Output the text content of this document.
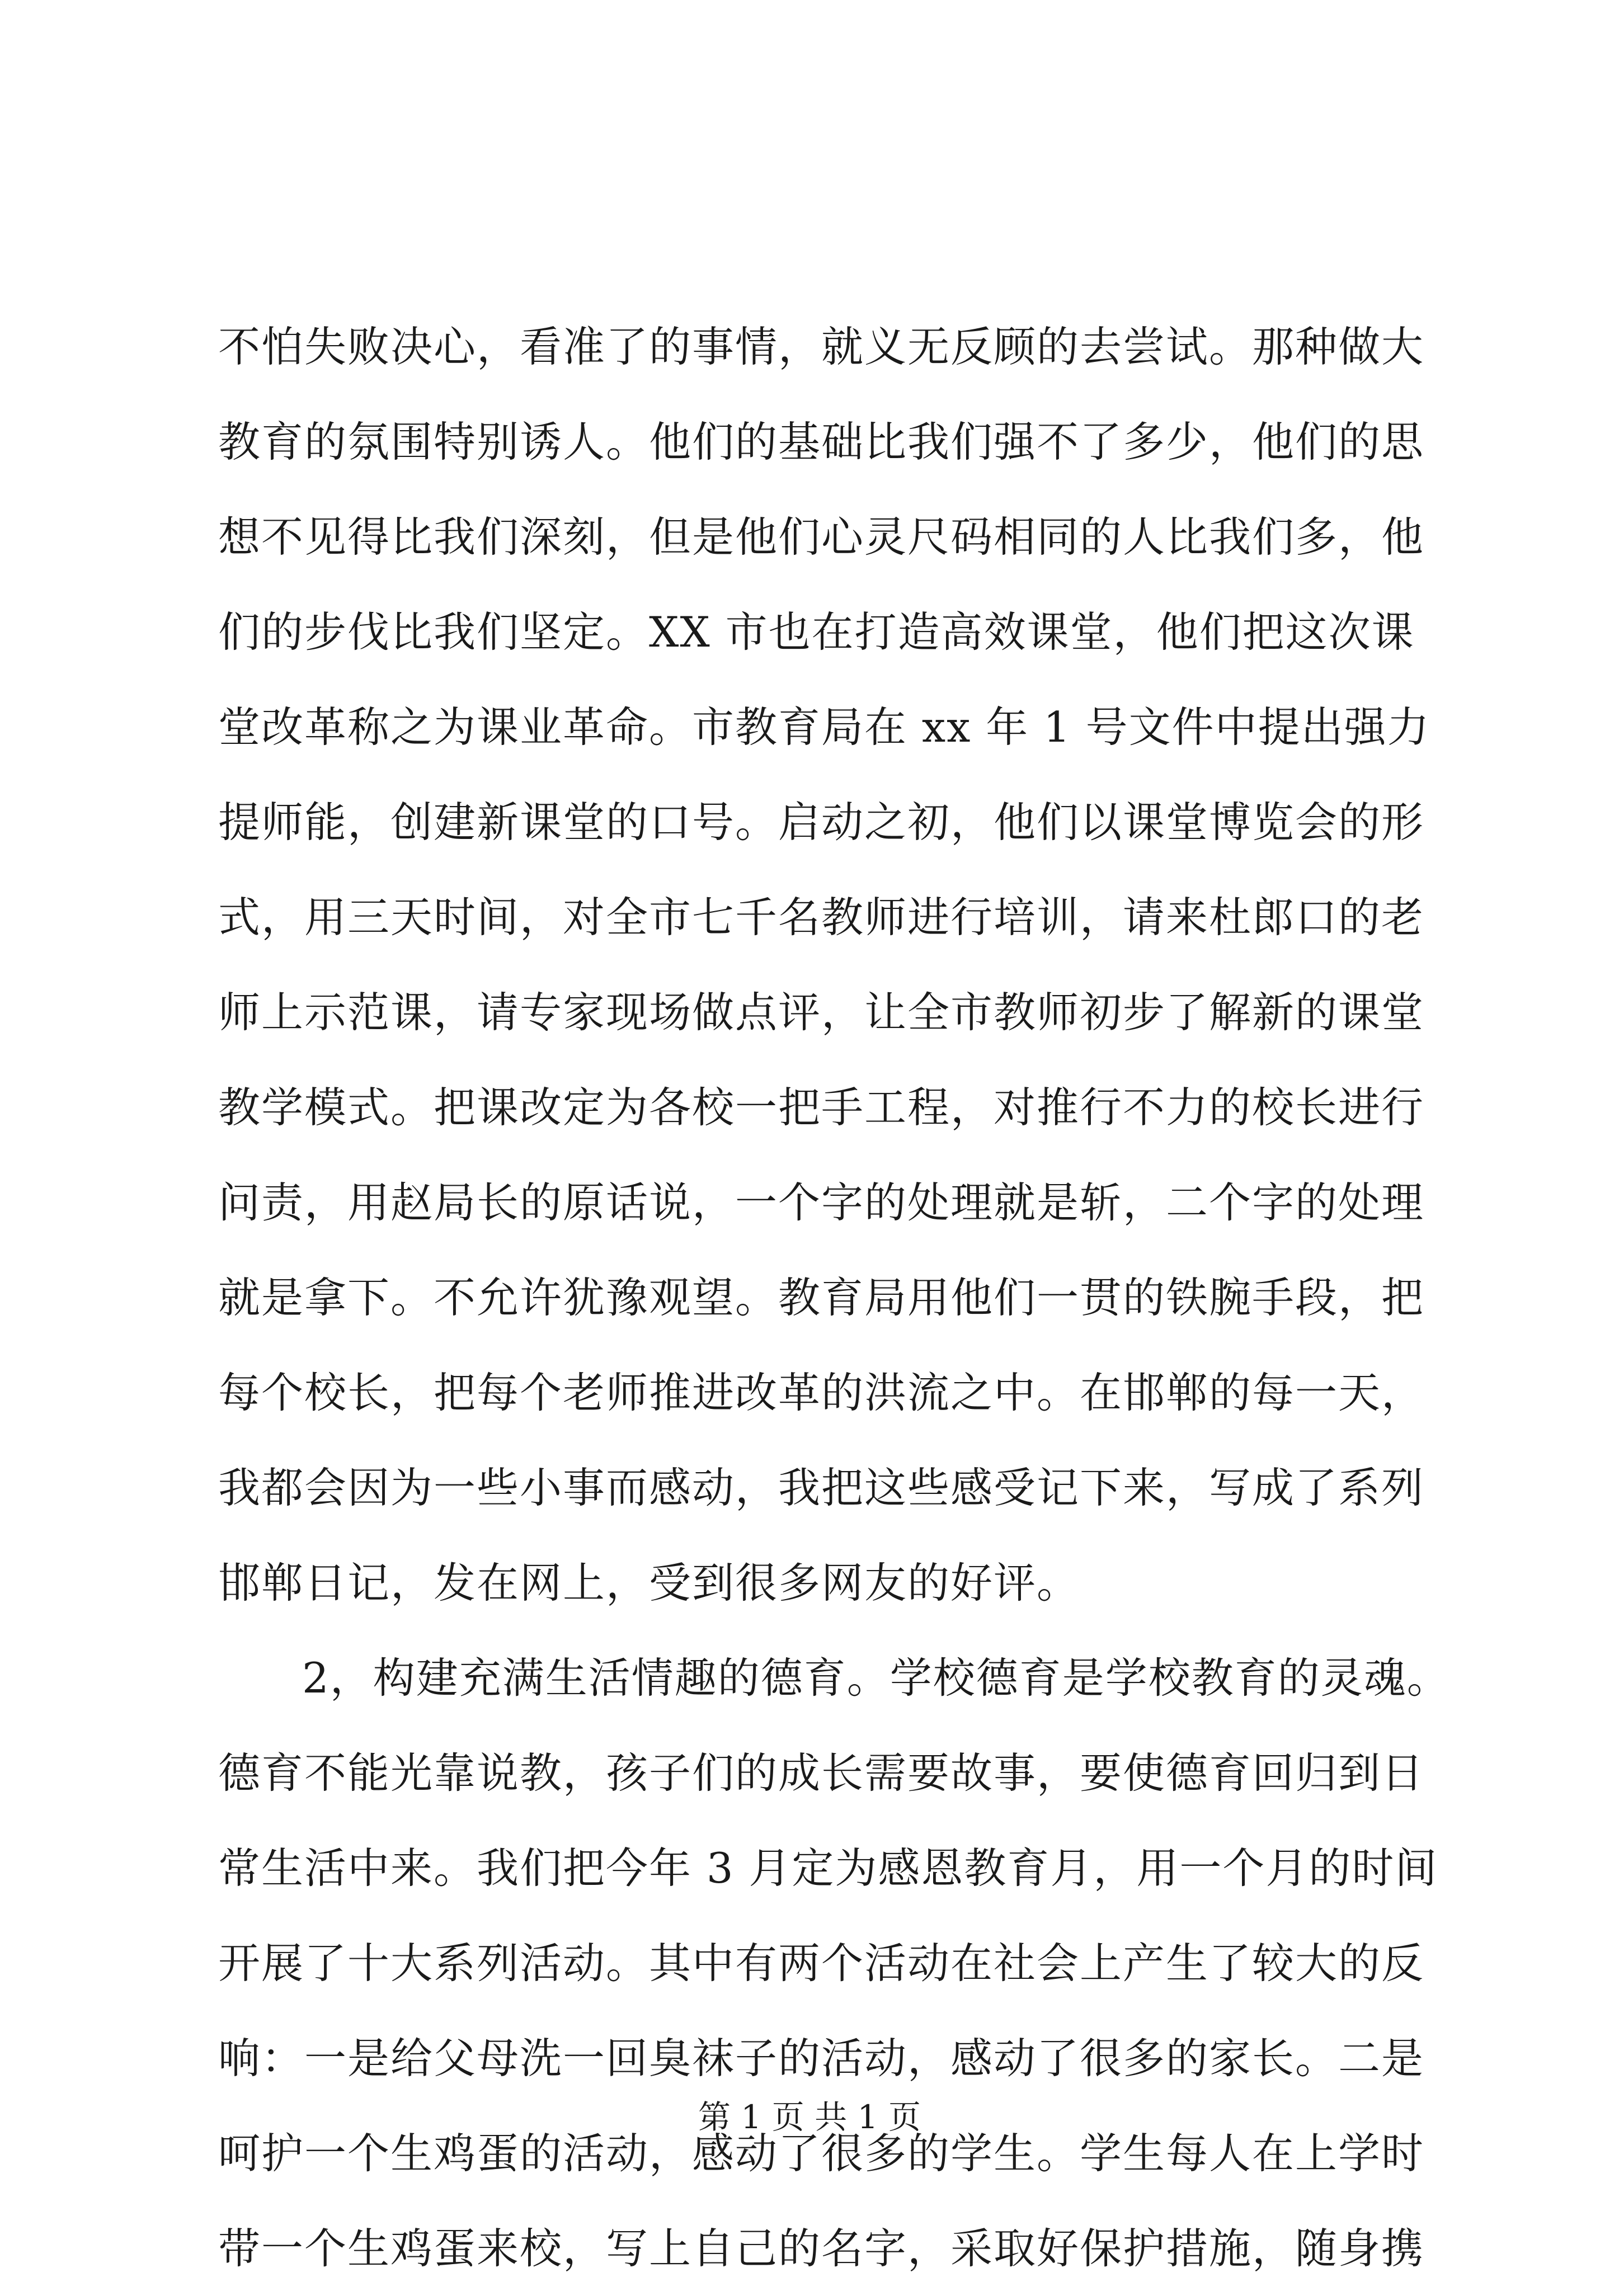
不怕失败决心，看准了的事情，就义无反顾的去尝试。那种做大
教育的氛围特别诱人。他们的基础比我们强不了多少，他们的思
想不见得比我们深刻，但是他们心灵尺码相同的人比我们多，他
们的步伐比我们坚定。XX 市也在打造高效课堂，他们把这次课
堂改革称之为课业革命。市教育局在 xx 年 1 号文件中提出强力
提师能，创建新课堂的口号。启动之初，他们以课堂博览会的形
式，用三天时间，对全市七千名教师进行培训，请来杜郎口的老
师上示范课，请专家现场做点评，让全市教师初步了解新的课堂
教学模式。把课改定为各校一把手工程，对推行不力的校长进行
问责，用赵局长的原话说，一个字的处理就是斩，二个字的处理
就是拿下。不允许犹豫观望。教育局用他们一贯的铁腕手段，把
每个校长，把每个老师推进改革的洪流之中。在邯郸的每一天，
我都会因为一些小事而感动，我把这些感受记下来，写成了系列
邯郸日记，发在网上，受到很多网友的好评。
2，构建充满生活情趣的德育。学校德育是学校教育的灵魂。
德育不能光靠说教，孩子们的成长需要故事，要使德育回归到日
常生活中来。我们把今年 3 月定为感恩教育月，用一个月的时间
开展了十大系列活动。其中有两个活动在社会上产生了较大的反
响：一是给父母洗一回臭袜子的活动，感动了很多的家长。二是
呵护一个生鸡蛋的活动，感动了很多的学生。学生每人在上学时
带一个生鸡蛋来校，写上自己的名字，采取好保护措施，随身携
第 1 页 共 1 页
